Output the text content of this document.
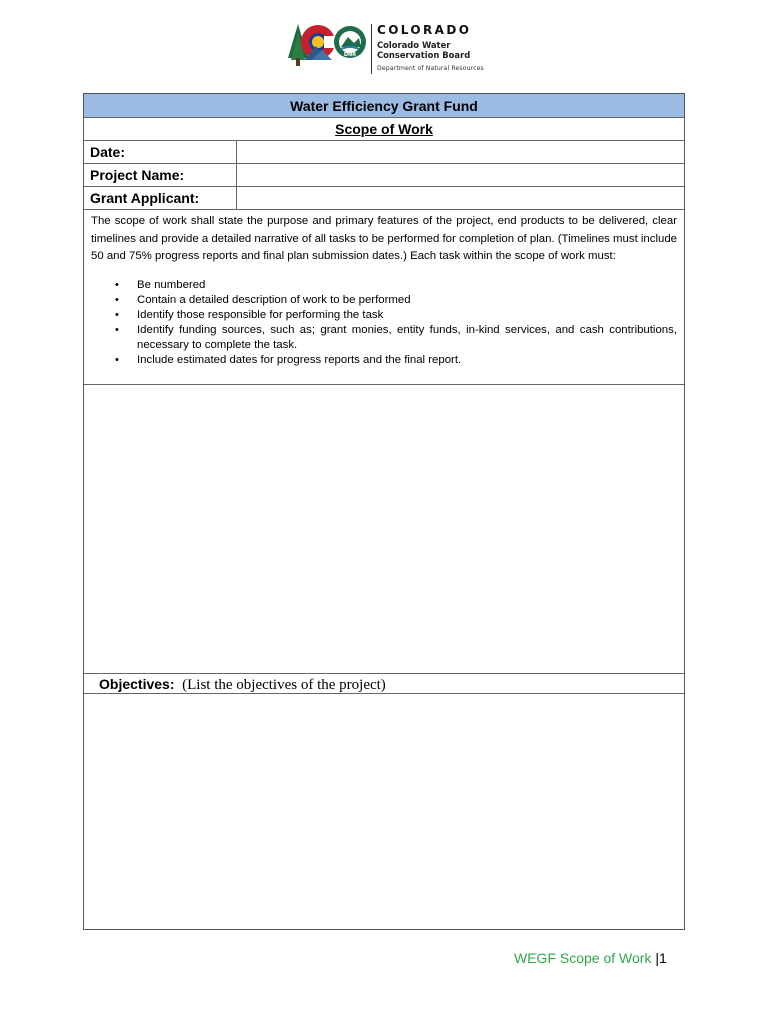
DNR
COLORADO
Colorado Water
Conservation Board
Department of Natural Resources
Water Efficiency Grant Fund
Scope of Work
Date:
Project Name:
Grant Applicant:

The scope of work shall state the purpose and primary features of the project, end products to be delivered, clear timelines and provide a detailed narrative of all tasks to be performed for completion of plan. (Timelines must include 50 and 75% progress reports and final plan submission dates.) Each task within the scope of work must:

• Be numbered
• Contain a detailed description of work to be performed
• Identify those responsible for performing the task
• Identify funding sources, such as; grant monies, entity funds, in-kind services, and cash contributions, necessary to complete the task.
• Include estimated dates for progress reports and the final report.
Objectives: (List the objectives of the project)
WEGF Scope of Work |1
